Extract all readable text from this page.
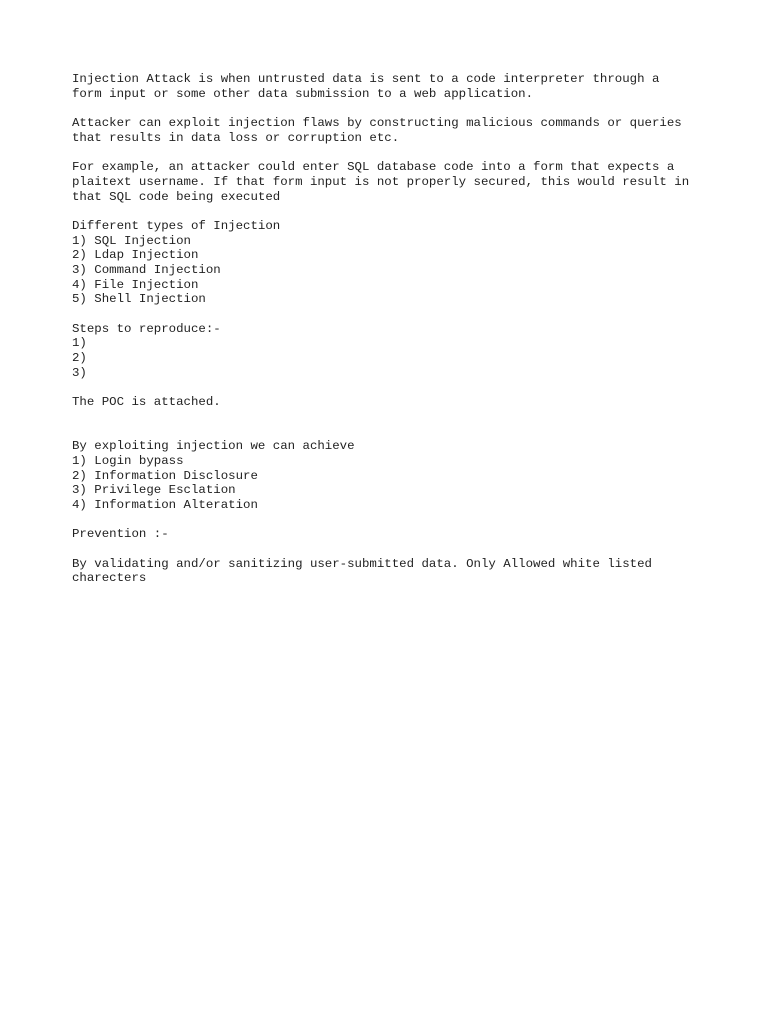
Injection Attack is when untrusted data is sent to a code interpreter through a
form input or some other data submission to a web application.
Attacker can exploit injection flaws by constructing malicious commands or queries
that results in data loss or corruption etc.
For example, an attacker could enter SQL database code into a form that expects a
plaitext username. If that form input is not properly secured, this would result in
that SQL code being executed
Different types of Injection
1) SQL Injection
2) Ldap Injection
3) Command Injection
4) File Injection
5) Shell Injection
Steps to reproduce:-
1)
2)
3)
The POC is attached.
By exploiting injection we can achieve
1) Login bypass
2) Information Disclosure
3) Privilege Esclation
4) Information Alteration
Prevention :-
By validating and/or sanitizing user-submitted data. Only Allowed white listed
charecters
